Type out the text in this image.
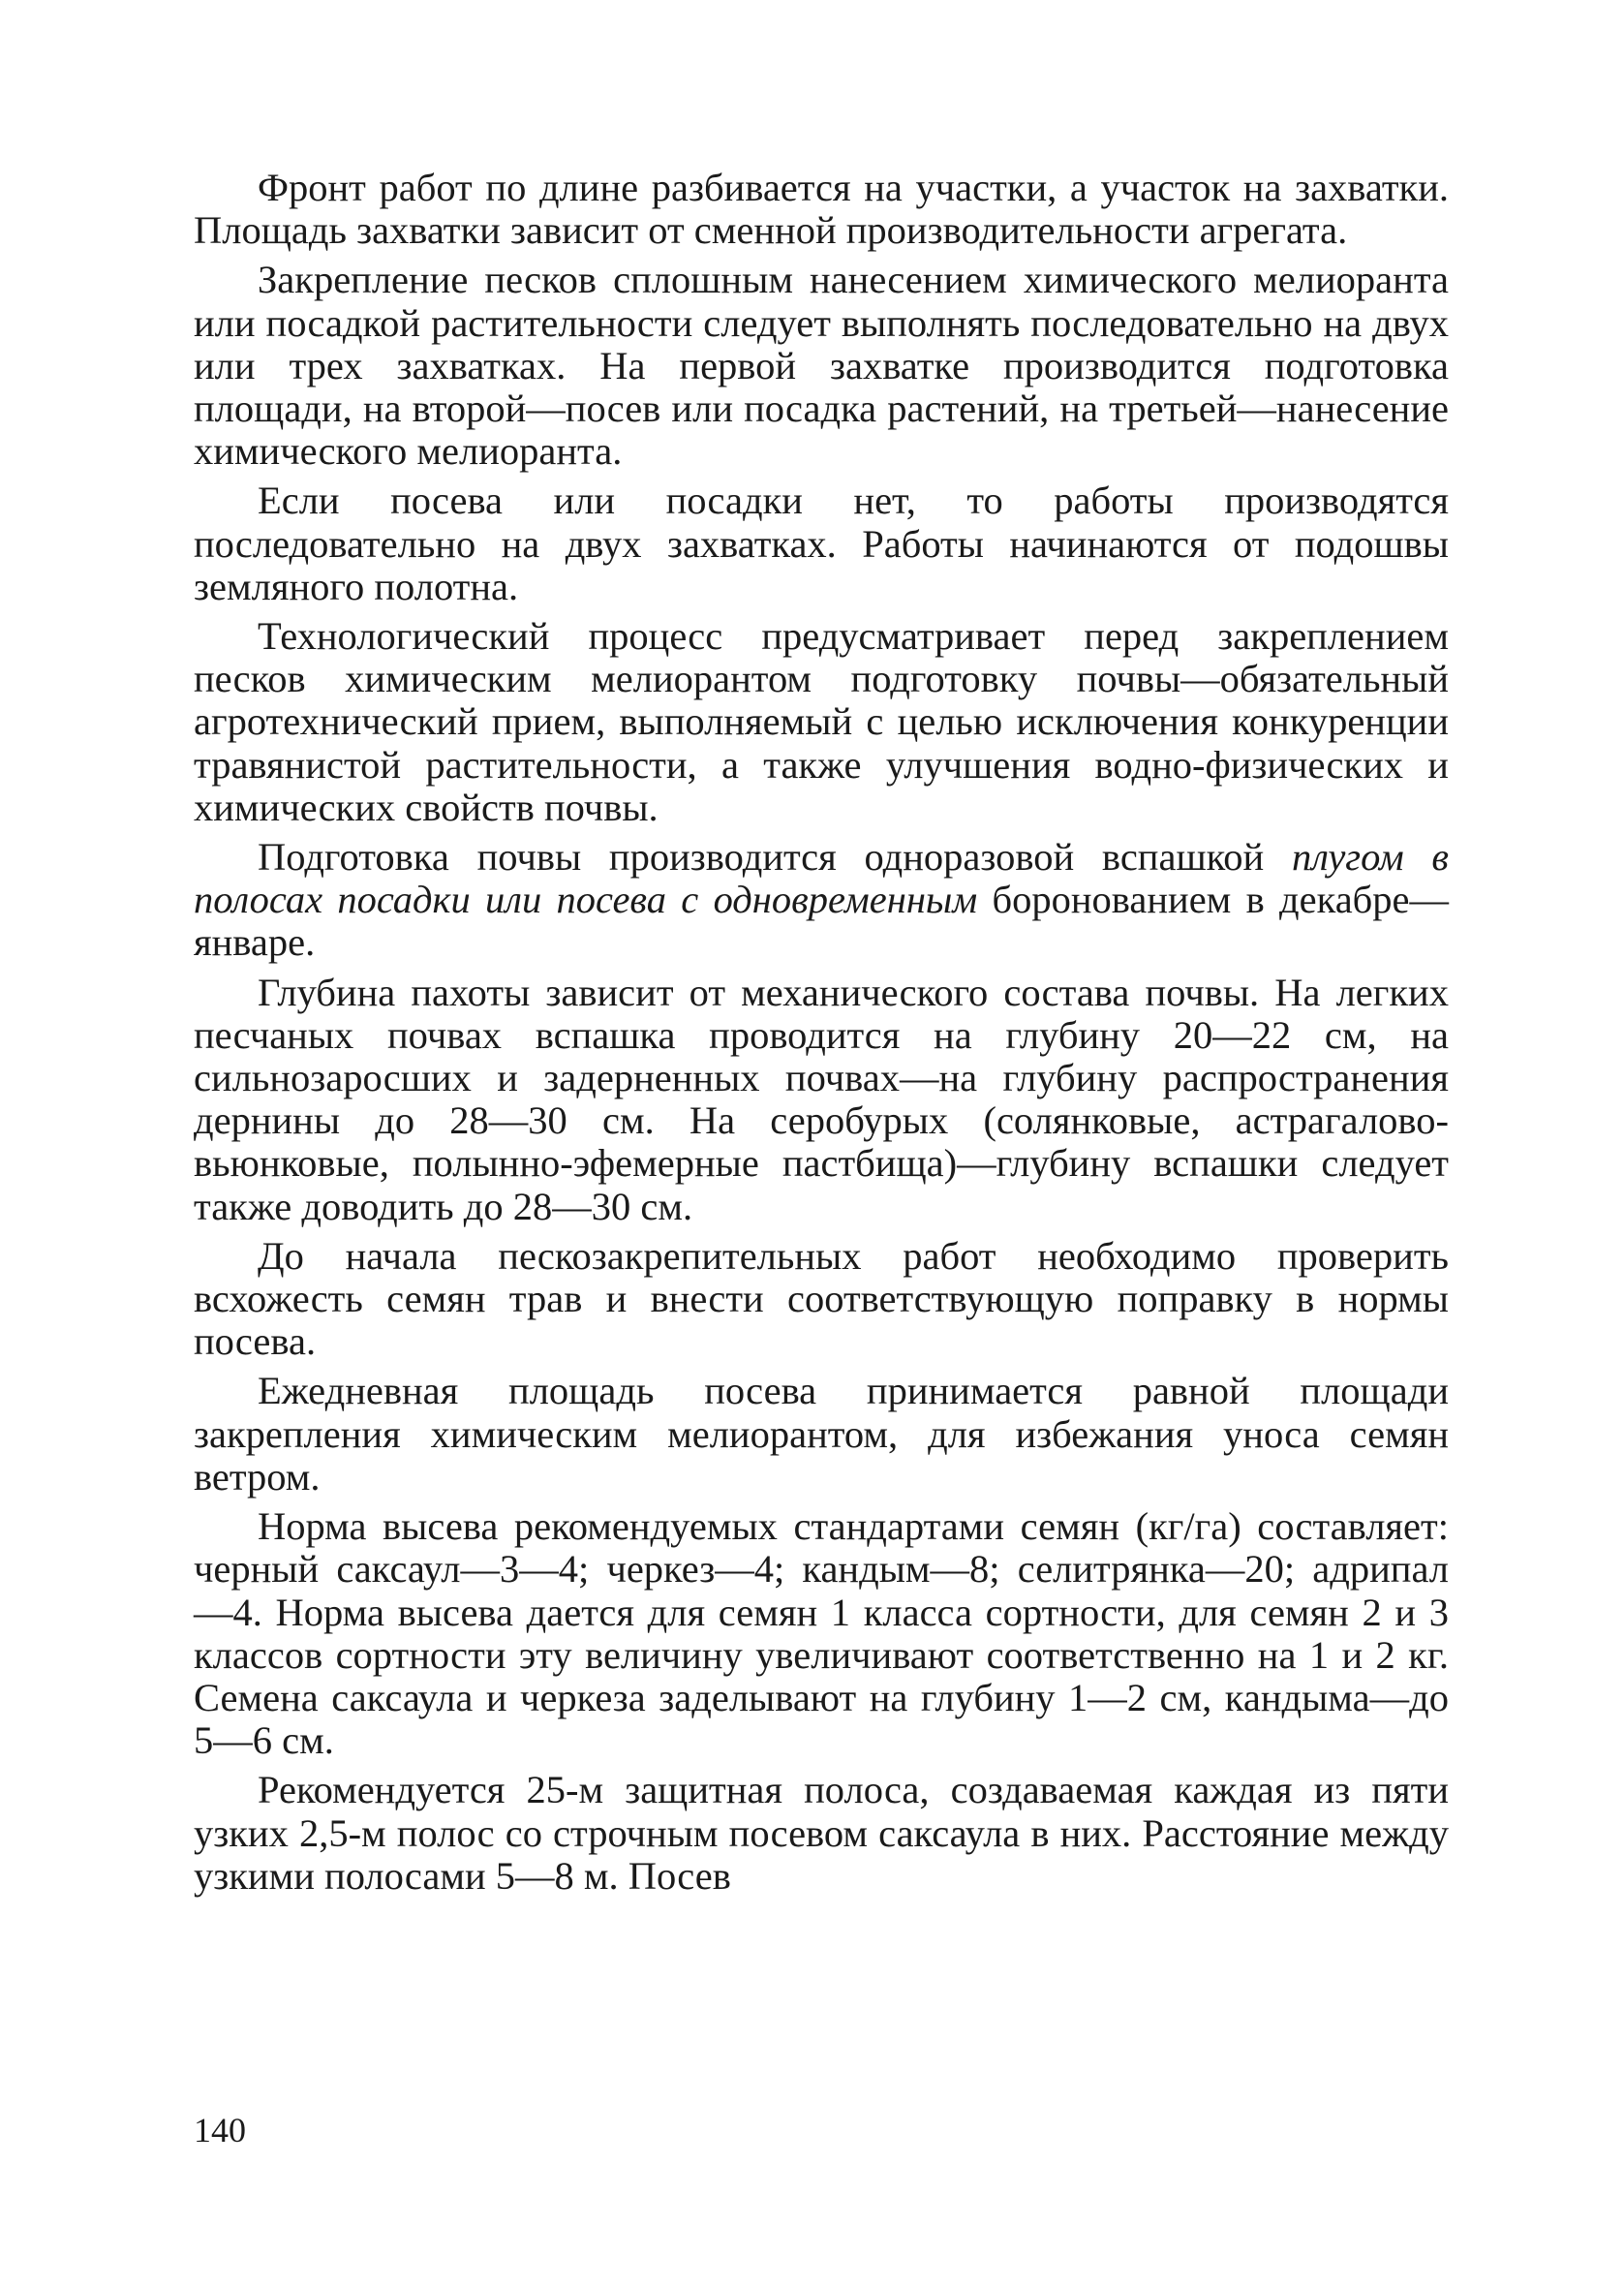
Фронт работ по длине разбивается на участки, а участок на захватки. Площадь захватки зависит от сменной производительности агрегата.

Закрепление песков сплошным нанесением химического мелиоранта или посадкой растительности следует выполнять последовательно на двух или трех захватках. На первой захватке производится подготовка площади, на второй—посев или посадка растений, на третьей—нанесение химического мелиоранта.

Если посева или посадки нет, то работы производятся последовательно на двух захватках. Работы начинаются от подошвы земляного полотна.

Технологический процесс предусматривает перед закреплением песков химическим мелиорантом подготовку почвы—обязательный агротехнический прием, выполняемый с целью исключения конкуренции травянистой растительности, а также улучшения водно-физических и химических свойств почвы.

Подготовка почвы производится одноразовой вспашкой плугом в полосах посадки или посева с одновременным боронованием в декабре—январе.

Глубина пахоты зависит от механического состава почвы. На легких песчаных почвах вспашка проводится на глубину 20—22 см, на сильнозаросших и задерненных почвах—на глубину распространения дернины до 28—30 см. На серобурых (солянковые, астрагалово-вьюнковые, полынно-эфемерные пастбища)—глубину вспашки следует также доводить до 28—30 см.

До начала пескозакрепительных работ необходимо проверить всхожесть семян трав и внести соответствующую поправку в нормы посева.

Ежедневная площадь посева принимается равной площади закрепления химическим мелиорантом, для избежания уноса семян ветром.

Норма высева рекомендуемых стандартами семян (кг/га) составляет: черный саксаул—3—4; черкез—4; кандым—8; селитрянка—20; адрипал—4. Норма высева дается для семян 1 класса сортности, для семян 2 и 3 классов сортности эту величину увеличивают соответственно на 1 и 2 кг. Семена саксаула и черкеза заделывают на глубину 1—2 см, кандыма—до 5—6 см.

Рекомендуется 25-м защитная полоса, создаваемая каждая из пяти узких 2,5-м полос со строчным посевом саксаула в них. Расстояние между узкими полосами 5—8 м. Посев

140
